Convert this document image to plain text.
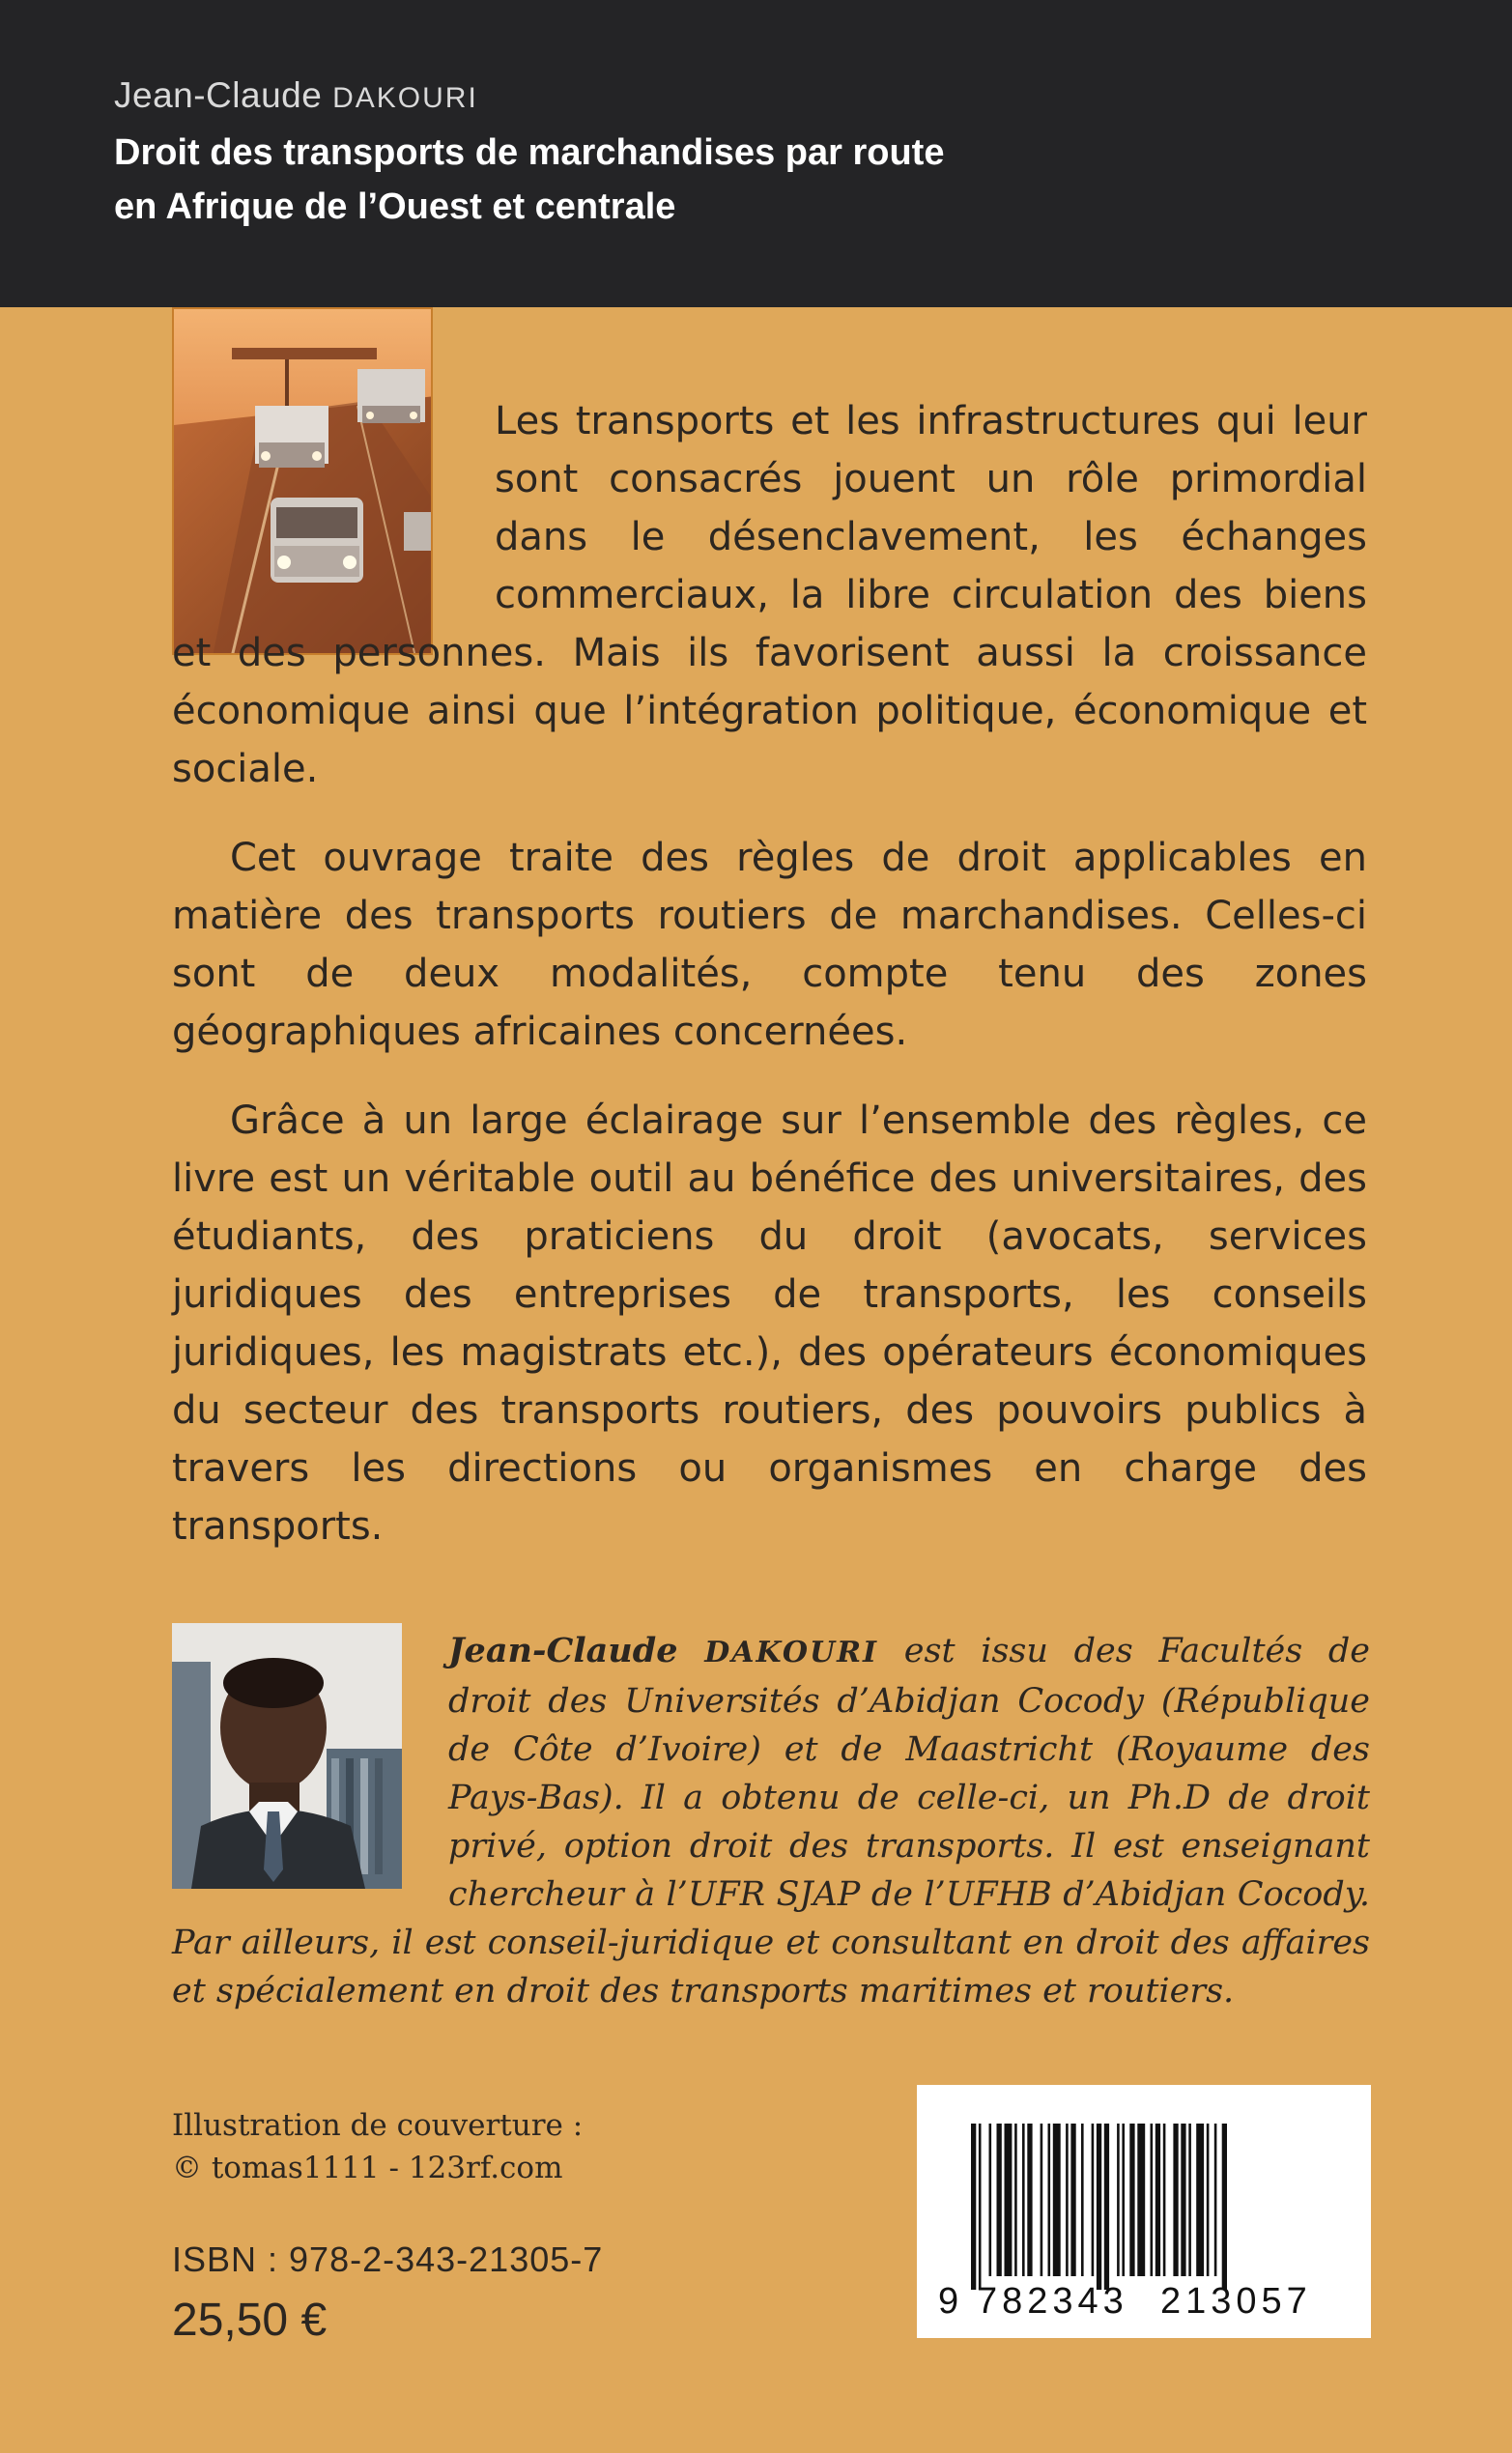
Jean-Claude DAKOURI
Droit des transports de marchandises par route
en Afrique de l’Ouest et centrale

Les transports et les infrastructures qui leur sont consacrés jouent un rôle primordial dans le désenclavement, les échanges commerciaux, la libre circulation des biens et des personnes. Mais ils favorisent aussi la croissance économique ainsi que l’intégration politique, économique et sociale.

Cet ouvrage traite des règles de droit applicables en matière des transports routiers de marchandises. Celles-ci sont de deux modalités, compte tenu des zones géographiques africaines concernées.

Grâce à un large éclairage sur l’ensemble des règles, ce livre est un véritable outil au bénéfice des universitaires, des étudiants, des praticiens du droit (avocats, services juridiques des entreprises de transports, les conseils juridiques, les magistrats etc.), des opérateurs économiques du secteur des transports routiers, des pouvoirs publics à travers les directions ou organismes en charge des transports.

Jean-Claude DAKOURI est issu des Facultés de droit des Universités d’Abidjan Cocody (République de Côte d’Ivoire) et de Maastricht (Royaume des Pays-Bas). Il a obtenu de celle-ci, un Ph.D de droit privé, option droit des transports. Il est enseignant chercheur à l’UFR SJAP de l’UFHB d’Abidjan Cocody. Par ailleurs, il est conseil-juridique et consultant en droit des affaires et spécialement en droit des transports maritimes et routiers.
Illustration de couverture :
© tomas1111 - 123rf.com
ISBN : 978-2-343-21305-7
25,50 €	9 782343 213057
